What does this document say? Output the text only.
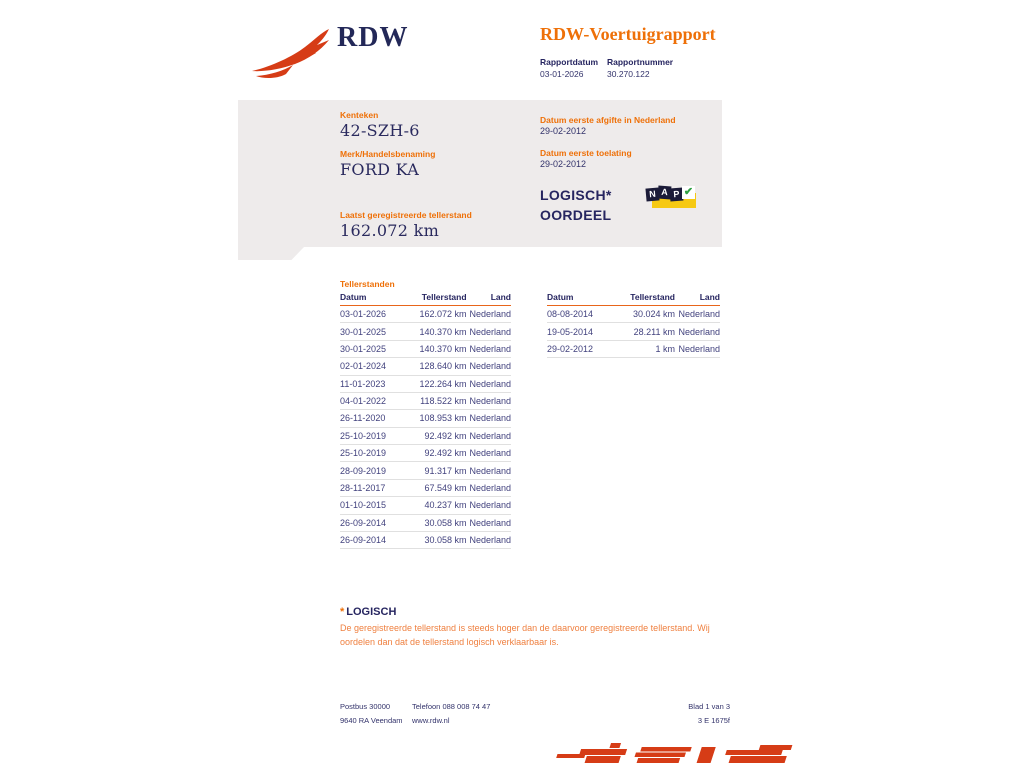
RDW	RDW-Voertuigrapport
Rapportdatum
03-01-2026
Rapportnummer
30.270.122
Kenteken
42-SZH-6
Merk/Handelsbenaming
FORD KA
Laatst geregistreerde tellerstand
162.072 km
Datum eerste afgifte in Nederland
29-02-2012
Datum eerste toelating
29-02-2012
LOGISCH*
OORDEEL
N A P ✔
Tellerstanden
Datum	Tellerstand	Land
03-01-2026	162.072 km	Nederland
30-01-2025	140.370 km	Nederland
30-01-2025	140.370 km	Nederland
02-01-2024	128.640 km	Nederland
11-01-2023	122.264 km	Nederland
04-01-2022	118.522 km	Nederland
26-11-2020	108.953 km	Nederland
25-10-2019	92.492 km	Nederland
25-10-2019	92.492 km	Nederland
28-09-2019	91.317 km	Nederland
28-11-2017	67.549 km	Nederland
01-10-2015	40.237 km	Nederland
26-09-2014	30.058 km	Nederland
26-09-2014	30.058 km	Nederland
Datum	Tellerstand	Land
08-08-2014	30.024 km	Nederland
19-05-2014	28.211 km	Nederland
29-02-2012	1 km	Nederland
* LOGISCH
De geregistreerde tellerstand is steeds hoger dan de daarvoor geregistreerde tellerstand. Wij oordelen dan dat de tellerstand logisch verklaarbaar is.
Postbus 30000
9640 RA Veendam
Telefoon 088 008 74 47
www.rdw.nl
Blad 1 van 3
3 E 1675f
